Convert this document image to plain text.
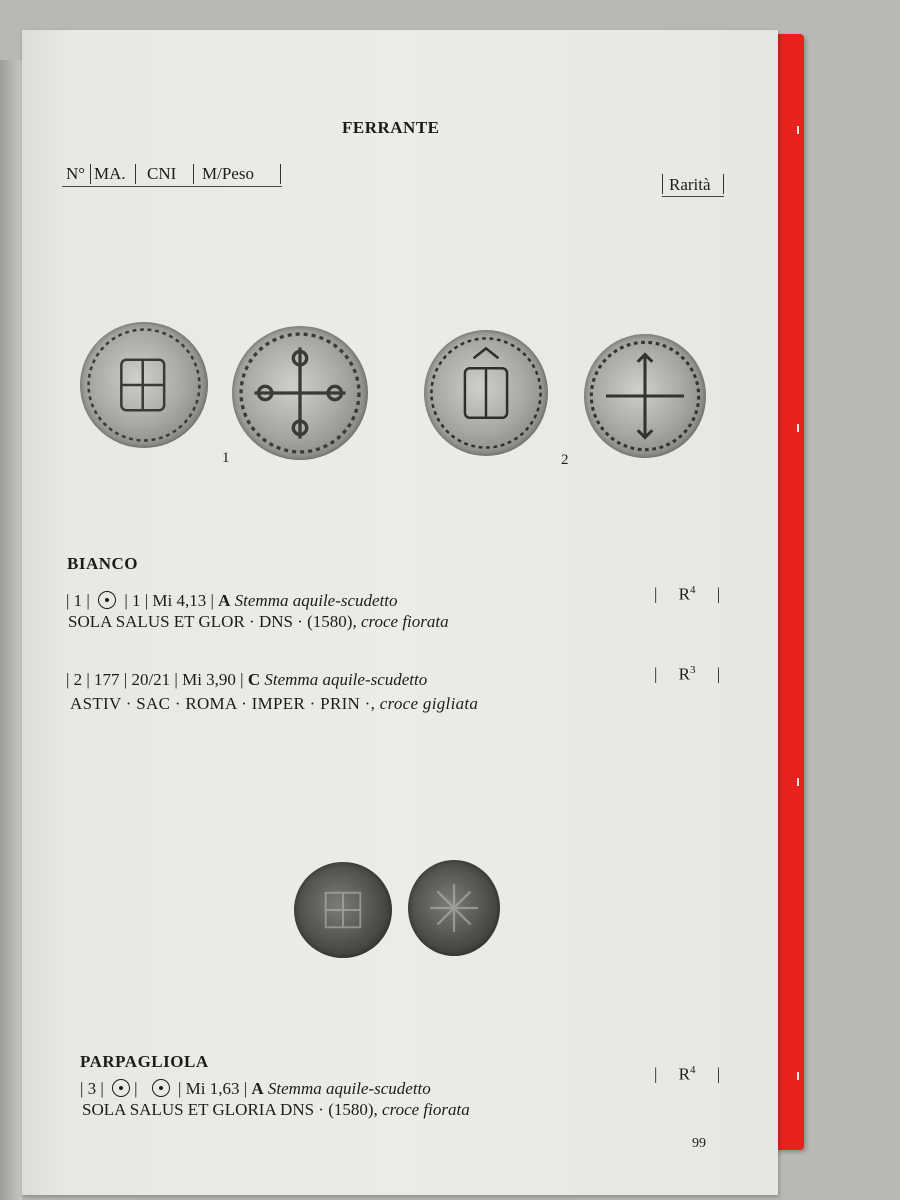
FERRANTE
N° MA. CNI M/Peso
Rarità
1	2
BIANCO
| 1 | | 1 | Mi 4,13 | A Stemma aquile-scudetto
SOLA SALUS ET GLOR · DNS · (1580), croce fiorata
|     $R^4$     |
| 2 | 177 | 20/21 | Mi 3,90 | C Stemma aquile-scudetto
ASTIV · SAC · ROMA · IMPER · PRIN ·, croce gigliata
|     $R^3$     |
PARPAGLIOLA
| 3 | |
| Mi 1,63 | A Stemma aquile-scudetto
SOLA SALUS ET GLORIA DNS · (1580), croce fiorata
|     $R^4$     |
99
